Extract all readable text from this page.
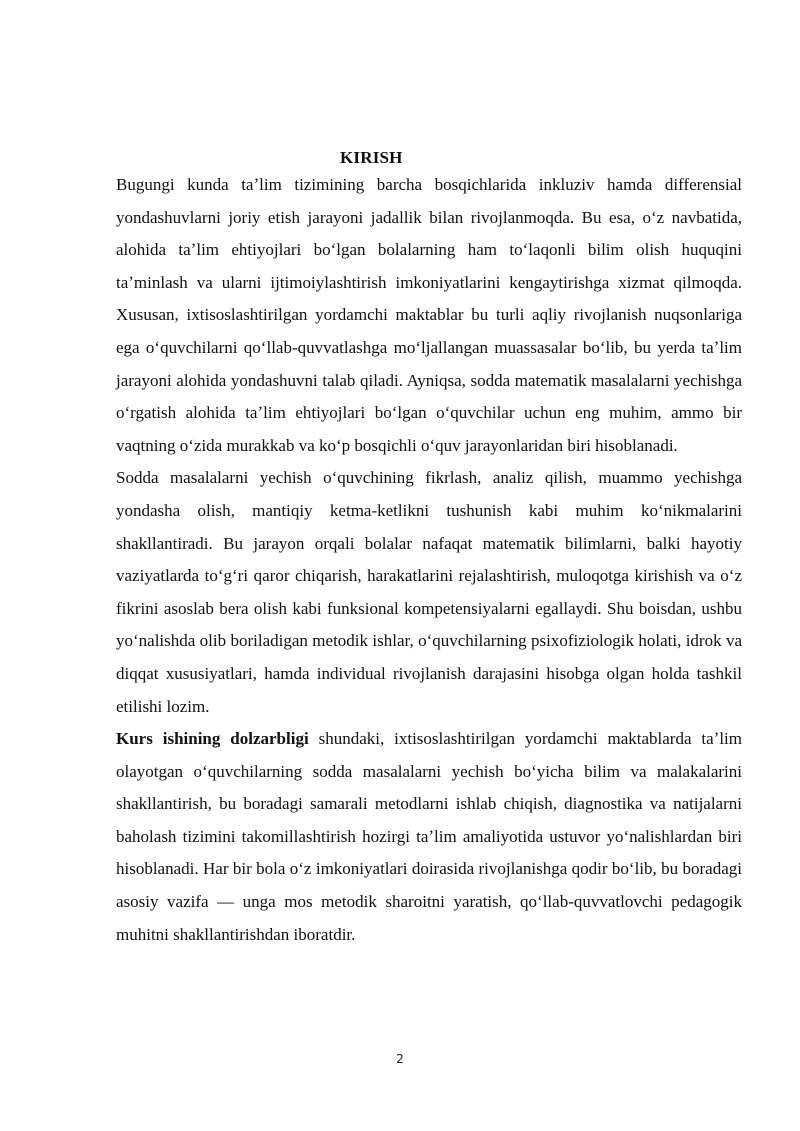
KIRISH

Bugungi kunda taʼlim tizimining barcha bosqichlarida inkluziv hamda differensial yondashuvlarni joriy etish jarayoni jadallik bilan rivojlanmoqda. Bu esa, oʻz navbatida, alohida taʼlim ehtiyojlari boʻlgan bolalarning ham toʻlaqonli bilim olish huquqini taʼminlash va ularni ijtimoiylashtirish imkoniyatlarini kengaytirishga xizmat qilmoqda. Xususan, ixtisoslashtirilgan yordamchi maktablar bu turli aqliy rivojlanish nuqsonlariga ega oʻquvchilarni qoʻllab-quvvatlashga moʻljallangan muassasalar boʻlib, bu yerda taʼlim jarayoni alohida yondashuvni talab qiladi. Ayniqsa, sodda matematik masalalarni yechishga oʻrgatish alohida taʼlim ehtiyojlari boʻlgan oʻquvchilar uchun eng muhim, ammo bir vaqtning oʻzida murakkab va koʻp bosqichli oʻquv jarayonlaridan biri hisoblanadi.

Sodda masalalarni yechish oʻquvchining fikrlash, analiz qilish, muammo yechishga yondasha olish, mantiqiy ketma-ketlikni tushunish kabi muhim koʻnikmalarini shakllantiradi. Bu jarayon orqali bolalar nafaqat matematik bilimlarni, balki hayotiy vaziyatlarda toʻgʻri qaror chiqarish, harakatlarini rejalashtirish, muloqotga kirishish va oʻz fikrini asoslab bera olish kabi funksional kompetensiyalarni egallaydi. Shu boisdan, ushbu yoʻnalishda olib boriladigan metodik ishlar, oʻquvchilarning psixofiziologik holati, idrok va diqqat xususiyatlari, hamda individual rivojlanish darajasini hisobga olgan holda tashkil etilishi lozim.

Kurs ishining dolzarbligi shundaki, ixtisoslashtirilgan yordamchi maktablarda taʼlim olayotgan oʻquvchilarning sodda masalalarni yechish boʻyicha bilim va malakalarini shakllantirish, bu boradagi samarali metodlarni ishlab chiqish, diagnostika va natijalarni baholash tizimini takomillashtirish hozirgi taʼlim amaliyotida ustuvor yoʻnalishlardan biri hisoblanadi. Har bir bola oʻz imkoniyatlari doirasida rivojlanishga qodir boʻlib, bu boradagi asosiy vazifa — unga mos metodik sharoitni yaratish, qoʻllab-quvvatlovchi pedagogik muhitni shakllantirishdan iboratdir.

2
